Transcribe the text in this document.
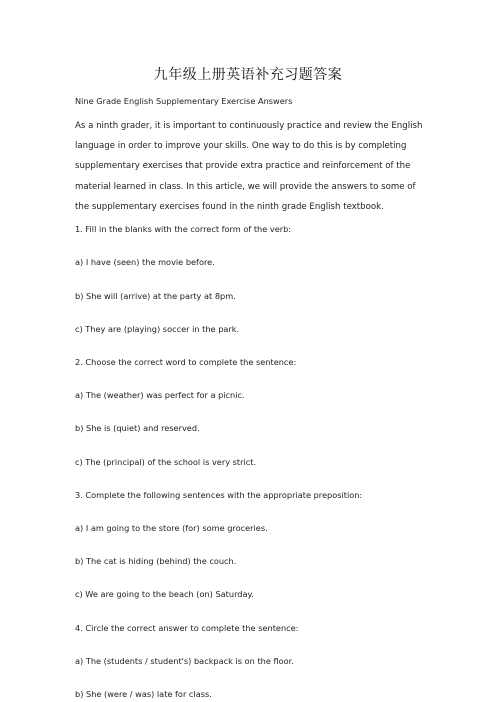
九年级上册英语补充习题答案
Nine Grade English Supplementary Exercise Answers

As a ninth grader, it is important to continuously practice and review the English language in order to improve your skills. One way to do this is by completing supplementary exercises that provide extra practice and reinforcement of the material learned in class. In this article, we will provide the answers to some of the supplementary exercises found in the ninth grade English textbook.

1. Fill in the blanks with the correct form of the verb:
a) I have (seen) the movie before.
b) She will (arrive) at the party at 8pm.
c) They are (playing) soccer in the park.
2. Choose the correct word to complete the sentence:
a) The (weather) was perfect for a picnic.
b) She is (quiet) and reserved.
c) The (principal) of the school is very strict.
3. Complete the following sentences with the appropriate preposition:
a) I am going to the store (for) some groceries.
b) The cat is hiding (behind) the couch.
c) We are going to the beach (on) Saturday.
4. Circle the correct answer to complete the sentence:
a) The (students / student's) backpack is on the floor.
b) She (were / was) late for class.
